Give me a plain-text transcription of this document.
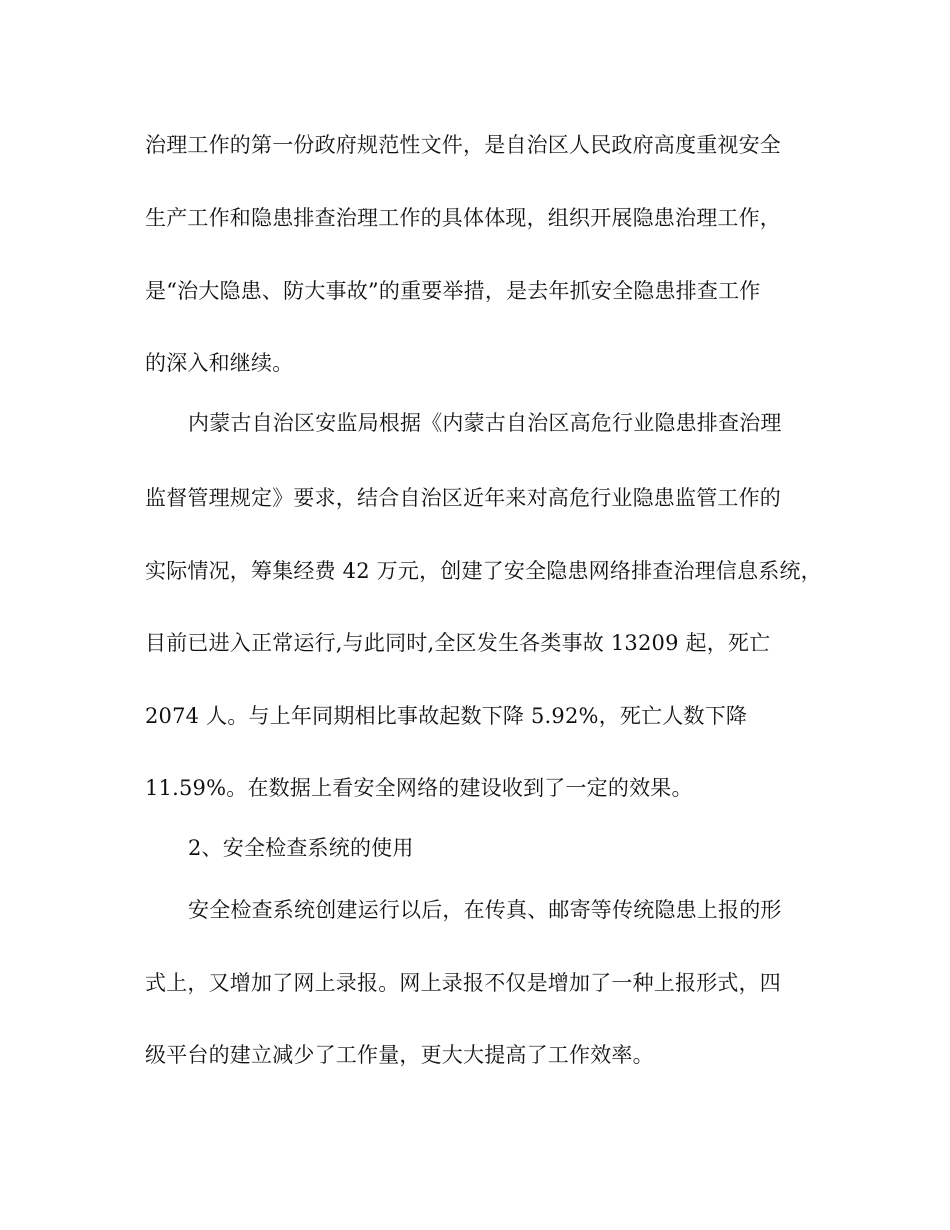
治理工作的第一份政府规范性文件，是自治区人民政府高度重视安全
生产工作和隐患排查治理工作的具体体现，组织开展隐患治理工作，
是“治大隐患、防大事故”的重要举措，是去年抓安全隐患排查工作
的深入和继续。
内蒙古自治区安监局根据《内蒙古自治区高危行业隐患排查治理
监督管理规定》要求，结合自治区近年来对高危行业隐患监管工作的
实际情况，筹集经费 42 万元，创建了安全隐患网络排查治理信息系统，
目前已进入正常运行,与此同时,全区发生各类事故 13209 起，死亡
2074 人。与上年同期相比事故起数下降 5.92%，死亡人数下降
11.59%。在数据上看安全网络的建设收到了一定的效果。
2、安全检查系统的使用
安全检查系统创建运行以后，在传真、邮寄等传统隐患上报的形
式上，又增加了网上录报。网上录报不仅是增加了一种上报形式，四
级平台的建立减少了工作量，更大大提高了工作效率。
